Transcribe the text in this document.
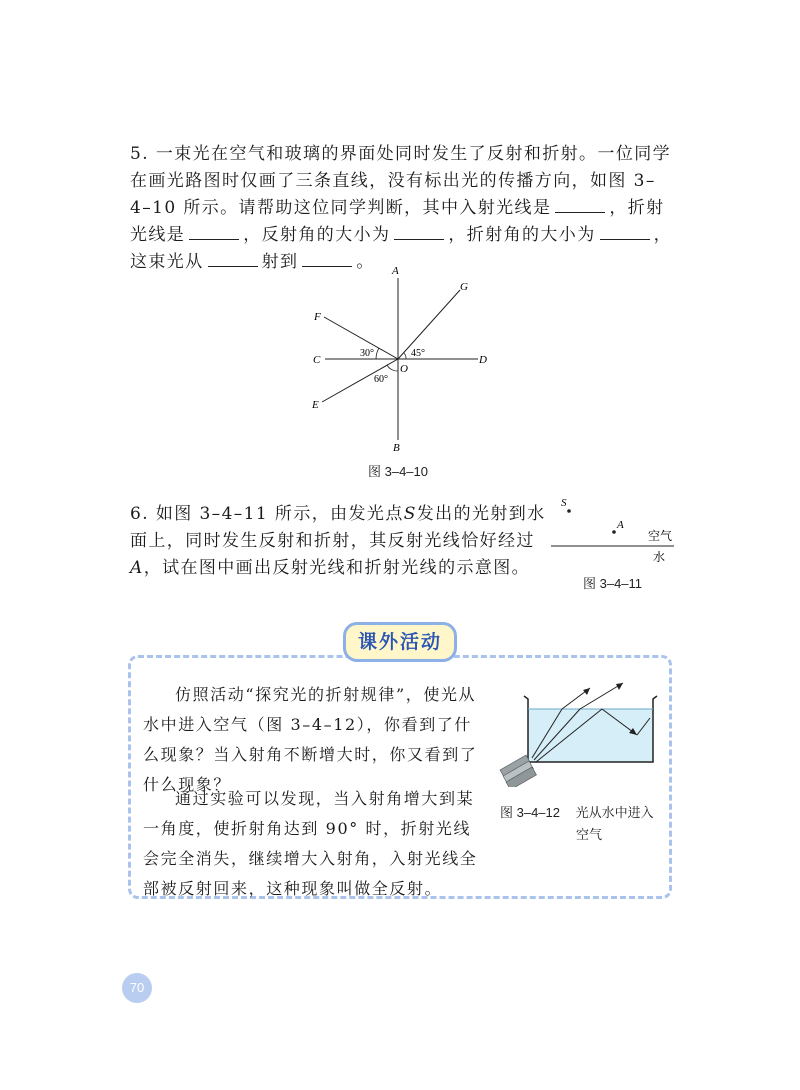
5. 一束光在空气和玻璃的界面处同时发生了反射和折射。一位同学在画光路图时仅画了三条直线，没有标出光的传播方向，如图 3–4–10 所示。请帮助这位同学判断，其中入射光线是	，折射光线是	，反射角的大小为	，折射角的大小为	，这束光从	射到	。	A
B
C	D
E
F
G
O
30°	45°
60°
图 3–4–10
6. 如图 3–4–11 所示，由发光点S发出的光射到水面上，同时发生反射和折射，其反射光线恰好经过A，试在图中画出反射光线和折射光线的示意图。
S
A
空气
水
图 3–4–11
课外活动
仿照活动“探究光的折射规律”，使光从水中进入空气（图 3–4–12），你看到了什么现象？当入射角不断增大时，你又看到了什么现象？
通过实验可以发现，当入射角增大到某一角度，使折射角达到 90° 时，折射光线会完全消失，继续增大入射角，入射光线全部被反射回来，这种现象叫做全反射。
图 3–4–12 光从水中进入
空气
70
